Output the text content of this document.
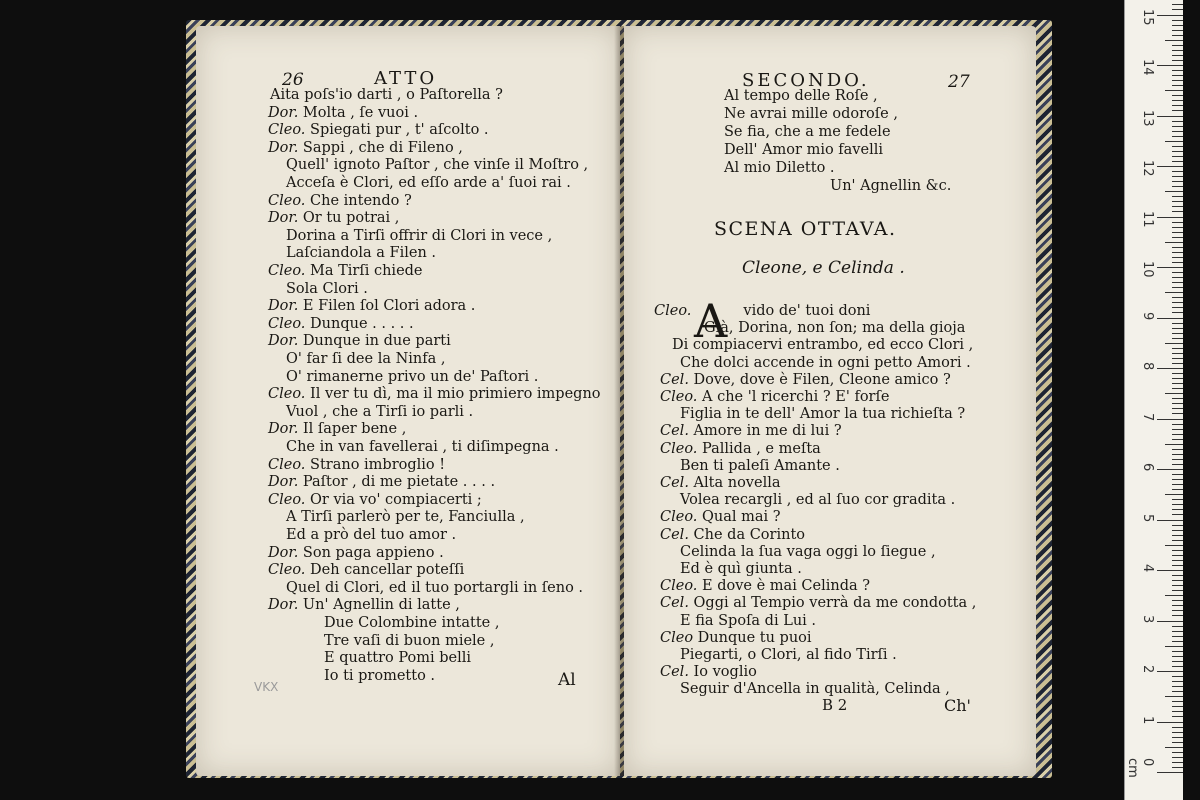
26	ATTO
Aita poſs'io darti , o Paſtorella ?
Dor. Molta , ſe vuoi .
Cleo. Spiegati pur , t' aſcolto .
Dor. Sappi , che di Fileno ,
Quell' ignoto Paſtor , che vinſe il Moſtro ,
Acceſa è Clori, ed eſſo arde a' ſuoi rai .
Cleo. Che intendo ?
Dor. Or tu potrai ,
Dorina a Tirſi offrir di Clori in vece ,
Laſciandola a Filen .
Cleo. Ma Tirſi chiede
Sola Clori .
Dor. E Filen ſol Clori adora .
Cleo. Dunque . . . . .
Dor. Dunque in due parti
O' far ſi dee la Ninfa ,
O' rimanerne privo un de' Paſtori .
Cleo. Il ver tu dì, ma il mio primiero impegno
Vuol , che a Tirſi io parli .
Dor. Il ſaper bene ,
Che in van favellerai , ti diſimpegna .
Cleo. Strano imbroglio !
Dor. Paſtor , di me pietate . . . .
Cleo. Or via vo' compiacerti ;
A Tirſi parlerò per te, Fanciulla ,
Ed a prò del tuo amor .
Dor. Son paga appieno .
Cleo. Deh cancellar poteſſi
Quel di Clori, ed il tuo portargli in ſeno .
Dor. Un' Agnellin di latte ,
Due Colombine intatte ,
Tre vaſi di buon miele ,
E quattro Pomi belli
Io ti prometto .	Al
VKX
SECONDO.	27
Al tempo delle Roſe ,
Ne avrai mille odoroſe ,
Se fia, che a me fedele
Dell' Amor mio favelli
Al mio Diletto .
Un' Agnellin &c.
SCENA OTTAVA.
Cleone, e Celinda .
A
Cleo.	vido de' tuoi doni
Già, Dorina, non ſon; ma della gioja
Di compiacervi entrambo, ed ecco Clori ,
Che dolci accende in ogni petto Amori .
Cel. Dove, dove è Filen, Cleone amico ?
Cleo. A che 'l ricerchi ? E' forſe
Figlia in te dell' Amor la tua richieſta ?
Cel. Amore in me di lui ?
Cleo. Pallida , e meſta
Ben ti paleſi Amante .
Cel. Alta novella
Volea recargli , ed al ſuo cor gradita .
Cleo. Qual mai ?
Cel. Che da Corinto
Celinda la ſua vaga oggi lo ſiegue ,
Ed è quì giunta .
Cleo. E dove è mai Celinda ?
Cel. Oggi al Tempio verrà da me condotta ,
E fia Spoſa di Lui .
Cleo Dunque tu puoi
Piegarti, o Clori, al fido Tirſi .
Cel. Io voglio
Seguir d'Ancella in qualità, Celinda ,
B 2	Ch'
0 cm
1
2
3
4
5
6
7
8
9
10
11
12
13
14
15
